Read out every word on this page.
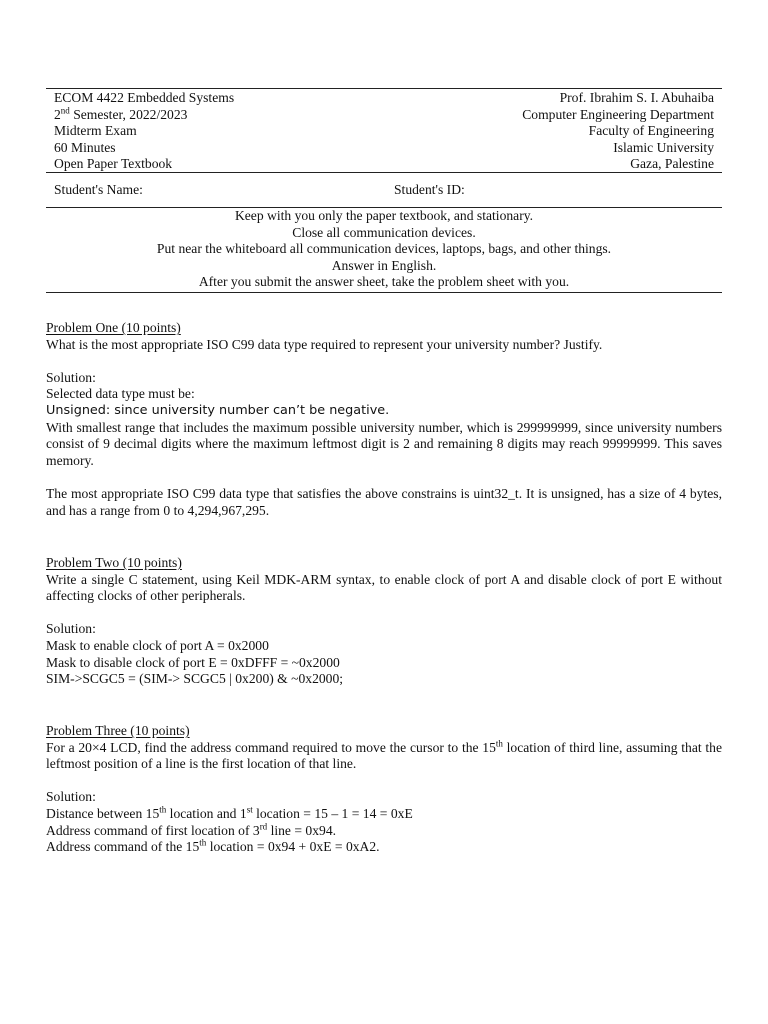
ECOM 4422 Embedded Systems	Prof. Ibrahim S. I. Abuhaiba
2nd Semester, 2022/2023	Computer Engineering Department
Midterm Exam	Faculty of Engineering
60 Minutes	Islamic University
Open Paper Textbook	Gaza, Palestine
Student's Name:	Student's ID:
Keep with you only the paper textbook, and stationary.
Close all communication devices.
Put near the whiteboard all communication devices, laptops, bags, and other things.
Answer in English.
After you submit the answer sheet, take the problem sheet with you.
Problem One (10 points)
What is the most appropriate ISO C99 data type required to represent your university number? Justify.
Solution:
Selected data type must be:
Unsigned: since university number can’t be negative.
With smallest range that includes the maximum possible university number, which is 299999999, since university numbers consist of 9 decimal digits where the maximum leftmost digit is 2 and remaining 8 digits may reach 99999999. This saves memory.
The most appropriate ISO C99 data type that satisfies the above constrains is uint32_t. It is unsigned, has a size of 4 bytes, and has a range from 0 to 4,294,967,295.
Problem Two (10 points)
Write a single C statement, using Keil MDK-ARM syntax, to enable clock of port A and disable clock of port E without affecting clocks of other peripherals.
Solution:
Mask to enable clock of port A = 0x2000
Mask to disable clock of port E = 0xDFFF = ~0x2000
SIM->SCGC5 = (SIM-> SCGC5 | 0x200) & ~0x2000;
Problem Three (10 points)
For a 20×4 LCD, find the address command required to move the cursor to the 15th location of third line, assuming that the leftmost position of a line is the first location of that line.
Solution:
Distance between 15th location and 1st location = 15 – 1 = 14 = 0xE
Address command of first location of 3rd line = 0x94.
Address command of the 15th location = 0x94 + 0xE = 0xA2.
